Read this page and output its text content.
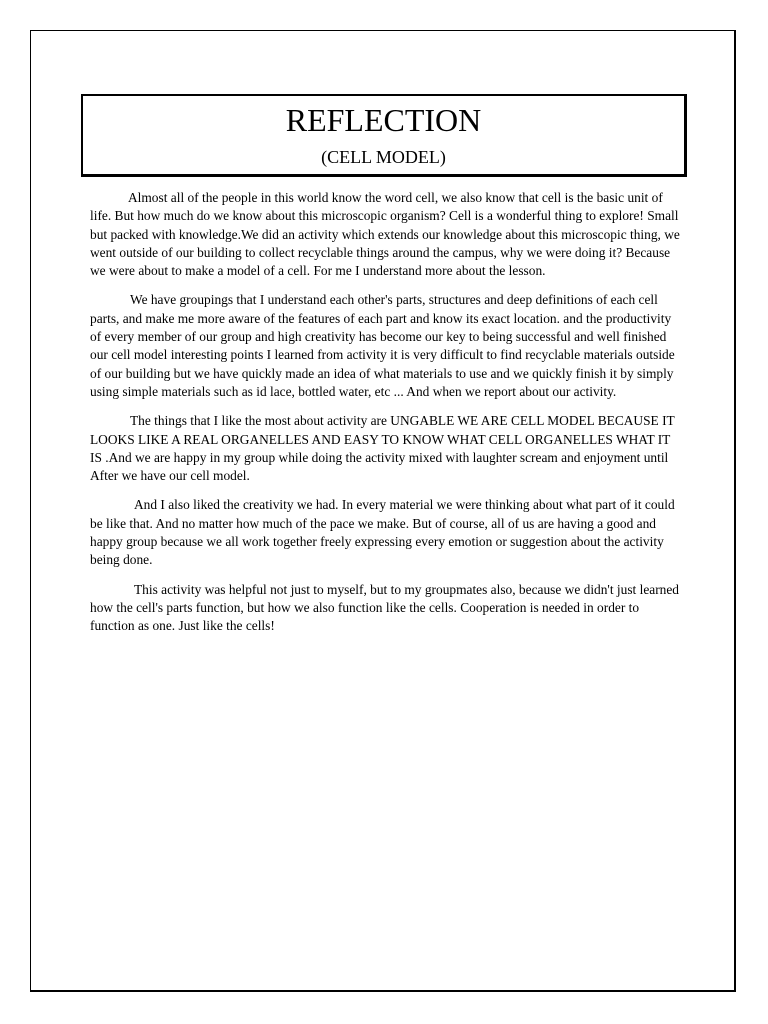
REFLECTION
(CELL MODEL)

Almost all of the people in this world know the word cell, we also know that cell is the basic unit of life. But how much do we know about this microscopic organism? Cell is a wonderful thing to explore! Small but packed with knowledge.We did an activity which extends our knowledge about this microscopic thing, we went outside of our building to collect recyclable things around the campus, why we were doing it? Because we were about to make a model of a cell. For me I understand more about the lesson.

We have groupings that I understand each other's parts, structures and deep definitions of each cell parts, and make me more aware of the features of each part and know its exact location. and the productivity of every member of our group and high creativity has become our key to being successful and well finished our cell model interesting points I learned from activity it is very difficult to find recyclable materials outside of our building but we have quickly made an idea of what materials to use and we quickly finish it by simply using simple materials such as id lace, bottled water, etc ... And when we report about our activity.

The things that I like the most about activity are UNGABLE WE ARE CELL MODEL BECAUSE IT LOOKS LIKE A REAL ORGANELLES AND EASY TO KNOW WHAT CELL ORGANELLES WHAT IT IS .And we are happy in my group while doing the activity mixed with laughter scream and enjoyment until After we have our cell model.

And I also liked the creativity we had. In every material we were thinking about what part of it could be like that. And no matter how much of the pace we make. But of course, all of us are having a good and happy group because we all work together freely expressing every emotion or suggestion about the activity being done.

This activity was helpful not just to myself, but to my groupmates also, because we didn't just learned how the cell's parts function, but how we also function like the cells. Cooperation is needed in order to function as one. Just like the cells!
